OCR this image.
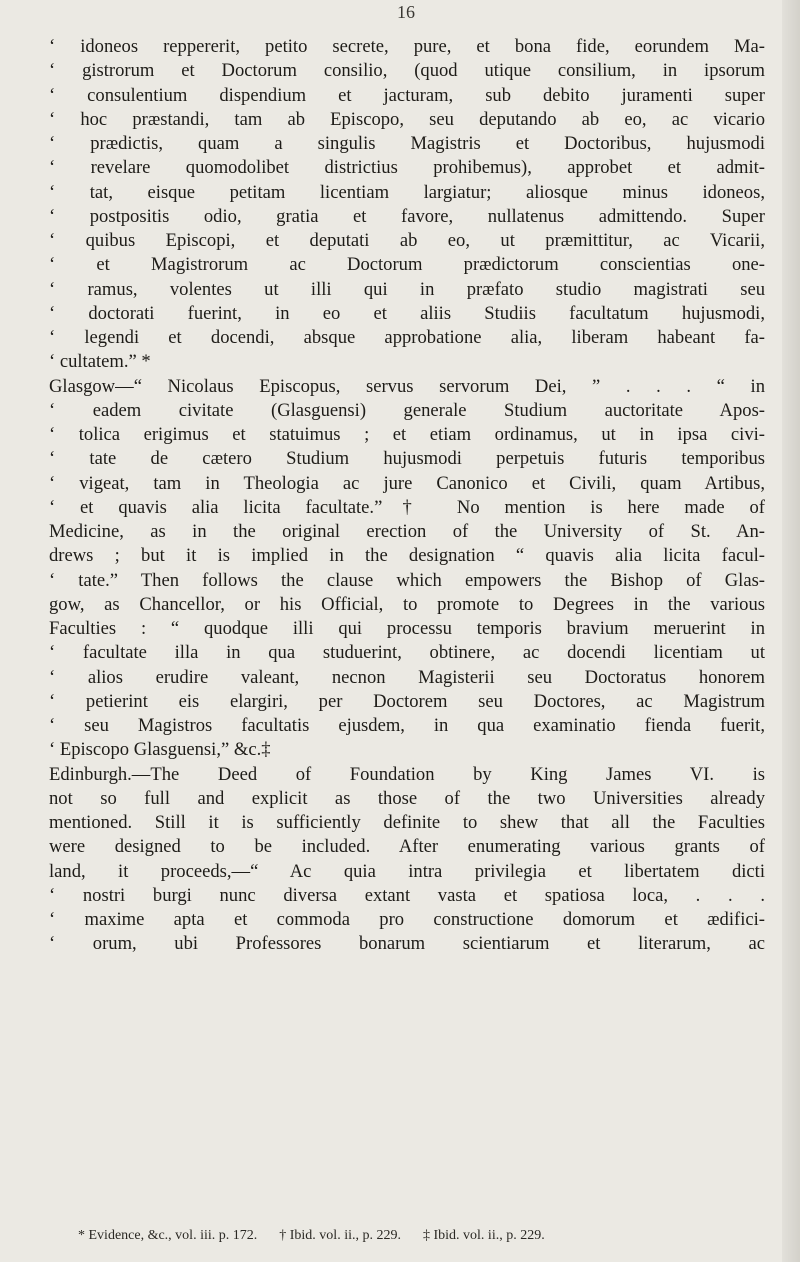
16
‘ idoneos reppererit, petito secrete, pure, et bona fide, eorundem Ma-
‘ gistrorum et Doctorum consilio, (quod utique consilium, in ipsorum
‘ consulentium dispendium et jacturam, sub debito juramenti super
‘ hoc præstandi, tam ab Episcopo, seu deputando ab eo, ac vicario
‘ prædictis, quam a singulis Magistris et Doctoribus, hujusmodi
‘ revelare quomodolibet districtius prohibemus), approbet et admit-
‘ tat, eisque petitam licentiam largiatur; aliosque minus idoneos,
‘ postpositis odio, gratia et favore, nullatenus admittendo. Super
‘ quibus Episcopi, et deputati ab eo, ut præmittitur, ac Vicarii,
‘ et Magistrorum ac Doctorum prædictorum conscientias one-
‘ ramus, volentes ut illi qui in præfato studio magistrati seu
‘ doctorati fuerint, in eo et aliis Studiis facultatum hujusmodi,
‘ legendi et docendi, absque approbatione alia, liberam habeant fa-
‘ cultatem.” *
Glasgow—“ Nicolaus Episcopus, servus servorum Dei, ” . . . “ in
‘ eadem civitate (Glasguensi) generale Studium auctoritate Apos-
‘ tolica erigimus et statuimus ; et etiam ordinamus, ut in ipsa civi-
‘ tate de cætero Studium hujusmodi perpetuis futuris temporibus
‘ vigeat, tam in Theologia ac jure Canonico et Civili, quam Artibus,
‘ et quavis alia licita facultate.”† No mention is here made of
Medicine, as in the original erection of the University of St. An-
drews ; but it is implied in the designation “ quavis alia licita facul-
‘ tate.” Then follows the clause which empowers the Bishop of Glas-
gow, as Chancellor, or his Official, to promote to Degrees in the various
Faculties : “ quodque illi qui processu temporis bravium meruerint in
‘ facultate illa in qua studuerint, obtinere, ac docendi licentiam ut
‘ alios erudire valeant, necnon Magisterii seu Doctoratus honorem
‘ petierint eis elargiri, per Doctorem seu Doctores, ac Magistrum
‘ seu Magistros facultatis ejusdem, in qua examinatio fienda fuerit,
‘ Episcopo Glasguensi,” &c.‡
Edinburgh.—The Deed of Foundation by King James VI. is
not so full and explicit as those of the two Universities already
mentioned. Still it is sufficiently definite to shew that all the Faculties
were designed to be included. After enumerating various grants of
land, it proceeds,—“ Ac quia intra privilegia et libertatem dicti
‘ nostri burgi nunc diversa extant vasta et spatiosa loca, . . .
‘ maxime apta et commoda pro constructione domorum et ædifici-
‘ orum, ubi Professores bonarum scientiarum et literarum, ac
* Evidence, &c., vol. iii. p. 172. † Ibid. vol. ii., p. 229. ‡ Ibid. vol. ii., p. 229.
